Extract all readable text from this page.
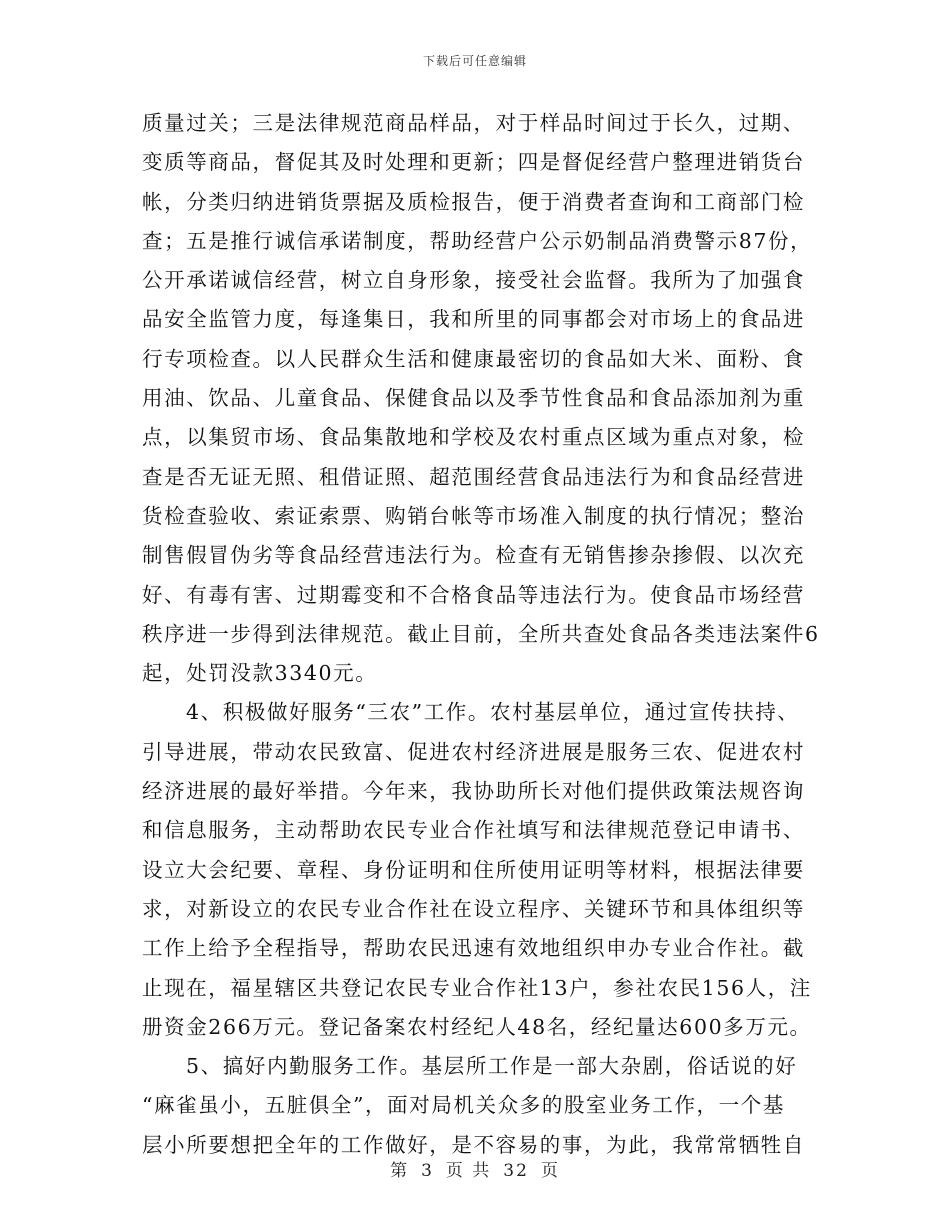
下载后可任意编辑
质量过关；三是法律规范商品样品，对于样品时间过于长久，过期、
变质等商品，督促其及时处理和更新；四是督促经营户整理进销货台
帐，分类归纳进销货票据及质检报告，便于消费者查询和工商部门检
查；五是推行诚信承诺制度，帮助经营户公示奶制品消费警示87份，
公开承诺诚信经营，树立自身形象，接受社会监督。我所为了加强食
品安全监管力度，每逢集日，我和所里的同事都会对市场上的食品进
行专项检查。以人民群众生活和健康最密切的食品如大米、面粉、食
用油、饮品、儿童食品、保健食品以及季节性食品和食品添加剂为重
点，以集贸市场、食品集散地和学校及农村重点区域为重点对象，检
查是否无证无照、租借证照、超范围经营食品违法行为和食品经营进
货检查验收、索证索票、购销台帐等市场准入制度的执行情况；整治
制售假冒伪劣等食品经营违法行为。检查有无销售掺杂掺假、以次充
好、有毒有害、过期霉变和不合格食品等违法行为。使食品市场经营
秩序进一步得到法律规范。截止目前，全所共查处食品各类违法案件6
起，处罚没款3340元。
4、积极做好服务“三农”工作。农村基层单位，通过宣传扶持、
引导进展，带动农民致富、促进农村经济进展是服务三农、促进农村
经济进展的最好举措。今年来，我协助所长对他们提供政策法规咨询
和信息服务，主动帮助农民专业合作社填写和法律规范登记申请书、
设立大会纪要、章程、身份证明和住所使用证明等材料，根据法律要
求，对新设立的农民专业合作社在设立程序、关键环节和具体组织等
工作上给予全程指导，帮助农民迅速有效地组织申办专业合作社。截
止现在，福星辖区共登记农民专业合作社13户，参社农民156人，注
册资金266万元。登记备案农村经纪人48名，经纪量达600多万元。
5、搞好内勤服务工作。基层所工作是一部大杂剧，俗话说的好
“麻雀虽小，五脏俱全”，面对局机关众多的股室业务工作，一个基
层小所要想把全年的工作做好，是不容易的事，为此，我常常牺牲自
第 3 页 共 32 页
